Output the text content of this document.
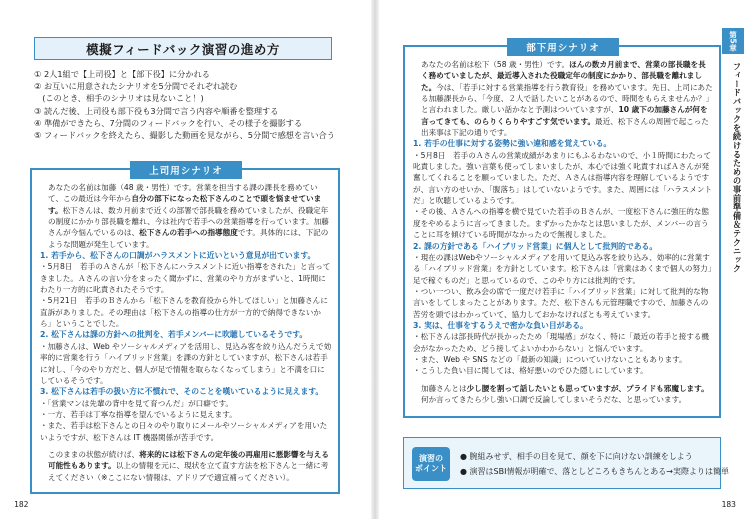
模擬フィードバック演習の進め方
① 2人1組で【上司役】と【部下役】に分かれる
② お互いに用意されたシナリオを5分間でそれぞれ読む
　(このとき、相手のシナリオは見ないこと！)
③ 読んだ後、上司役も部下役も3分間で言う内容や順番を整理する
④ 準備ができたら、7分間のフィードバックを行い、その様子を撮影する
⑤ フィードバックを終えたら、撮影した動画を見ながら、5分間で感想を言い合う
上司用シナリオ

あなたの名前は加藤（48 歳・男性）です。営業を担当する課の課長を務めていて、この最近は今年から自分の部下になった松下さんのことで頭を悩ませています。松下さんは、数カ月前まで近くの部署で部長職を務めていましたが、役職定年の制度にかかり部長職を離れ、今は社内で若手への営業指導を行っています。加藤さんが今悩んでいるのは、松下さんの若手への指導態度です。具体的には、下記のような問題が発生しています。

1. 若手から、松下さんの口調がハラスメントに近いという意見が出ています。

・5月8日　若手のＡさんが「松下さんにハラスメントに近い指導をされた」と言ってきました。Ａさんの言い分をまったく聞かずに、営業のやり方がまずいと、1時間にわたり一方的に叱責されたそうです。

・5月21日　若手のＢさんから「松下さんを教育役から外してほしい」と加藤さんに直訴がありました。その理由は「松下さんの指導の仕方が一方的で納得できないから」ということでした。

2. 松下さんは課の方針への批判を、若手メンバーに吹聴しているそうです。

・加藤さんは、Web やソーシャルメディアを活用し、見込み客を絞り込んだうえで効率的に営業を行う「ハイブリッド営業」を課の方針としていますが、松下さんは若手に対し、「今のやり方だと、個人が足で情報を取らなくなってしまう」と不満を口にしているそうです。

3. 松下さんは若手の扱い方に不慣れで、そのことを嘆いているように見えます。

・「営業マンは先輩の背中を見て育つんだ」が口癖です。

・一方、若手は丁寧な指導を望んでいるように見えます。

・また、若手は松下さんとの日々のやり取りにメールやソーシャルメディアを用いたいようですが、松下さんは IT 機器関係が苦手です。

このままの状態が続けば、将来的には松下さんの定年後の再雇用に悪影響を与える可能性もあります。以上の情報を元に、現状を立て直す方法を松下さんと一緒に考えてください（※ここにない情報は、アドリブで適宜補ってください）。

182
部下用シナリオ

あなたの名前は松下（58 歳・男性）です。ほんの数カ月前まで、営業の部長職を長く務めていましたが、最近導入された役職定年の制度にかかり、部長職を離れました。今は、「若手に対する営業指導を行う教育役」を務めています。先日、上司にあたる加藤課長から、「今度、２人で話したいことがあるので、時間をもらえませんか？」と言われました。厳しい話かなと予測はついていますが、10 歳下の加藤さんが何を言ってきても、のらりくらりやすごす気でいます。最近、松下さんの周囲で起こった出来事は下記の通りです。

1. 若手の仕事に対する姿勢に強い違和感を覚えている。

・5月8日　若手のＡさんの営業成績があまりにもふるわないので、小１時間にわたって叱責しました。強い言葉も使ってしまいましたが、本心では強く叱責すればＡさんが発奮してくれることを願っていました。ただ、Ａさんは指導内容を理解しているようですが、言い方のせいか、「腹落ち」はしていないようです。また、周囲には「ハラスメントだ」と吹聴しているようです。

・その後、Ａさんへの指導を横で見ていた若手のＢさんが、一度松下さんに強圧的な態度をやめるように言ってきました。まずかったかなとは思いましたが、メンバーの言うことに耳を傾けている時間がなかったので無視しました。

2. 課の方針である「ハイブリッド営業」に個人として批判的である。

・現在の課はWebやソーシャルメディアを用いて見込み客を絞り込み、効率的に営業する「ハイブリッド営業」を方針としています。松下さんは「営業はあくまで個人の努力」足で稼ぐものだ」と思っているので、このやり方には批判的です。

・つい一つい、飲み会の席で一度だけ若手に「ハイブリッド営業」に対して批判的な物言いをしてしまったことがあります。ただ、松下さんも元管理職ですので、加藤さんの苦労を頭ではわかっていて、協力しておかなければとも考えています。

3. 実は、仕事をするうえで密かな負い目がある。

・松下さんは部長時代が長かったため「現場感」がなく、特に「最近の若手と接する機会がなかったため、どう接してよいかわからない」と悩んでいます。

・また、Web や SNS などの「最新の知識」についていけないこともあります。

・こうした負い目に関しては、格好悪いのでひた隠しにしています。

加藤さんとは少し腰を割って話したいとも思っていますが、プライドも邪魔します。何か言ってきたら少し強い口調で反論してしまいそうだな、と思っています。

演習の
ポイント
● 腕組みせず、相手の目を見て、顔を下に向けない訓練をしよう
● 演習はSBI情報が明確で、落としどころもきちんとある→実際よりは簡単
第5章
フィードバックを続けるための事前準備＆テクニック
183
